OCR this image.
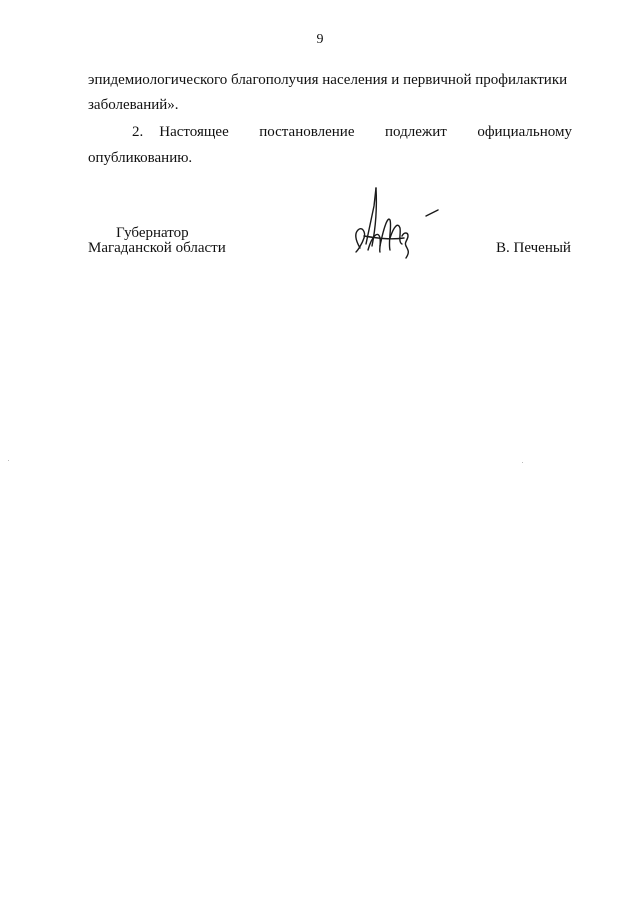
9
эпидемиологического благополучия населения и первичной профилактики
заболеваний».
2. Настоящее постановление подлежит официальному
опубликованию.
Губернатор
Магаданской области	В. Печеный
